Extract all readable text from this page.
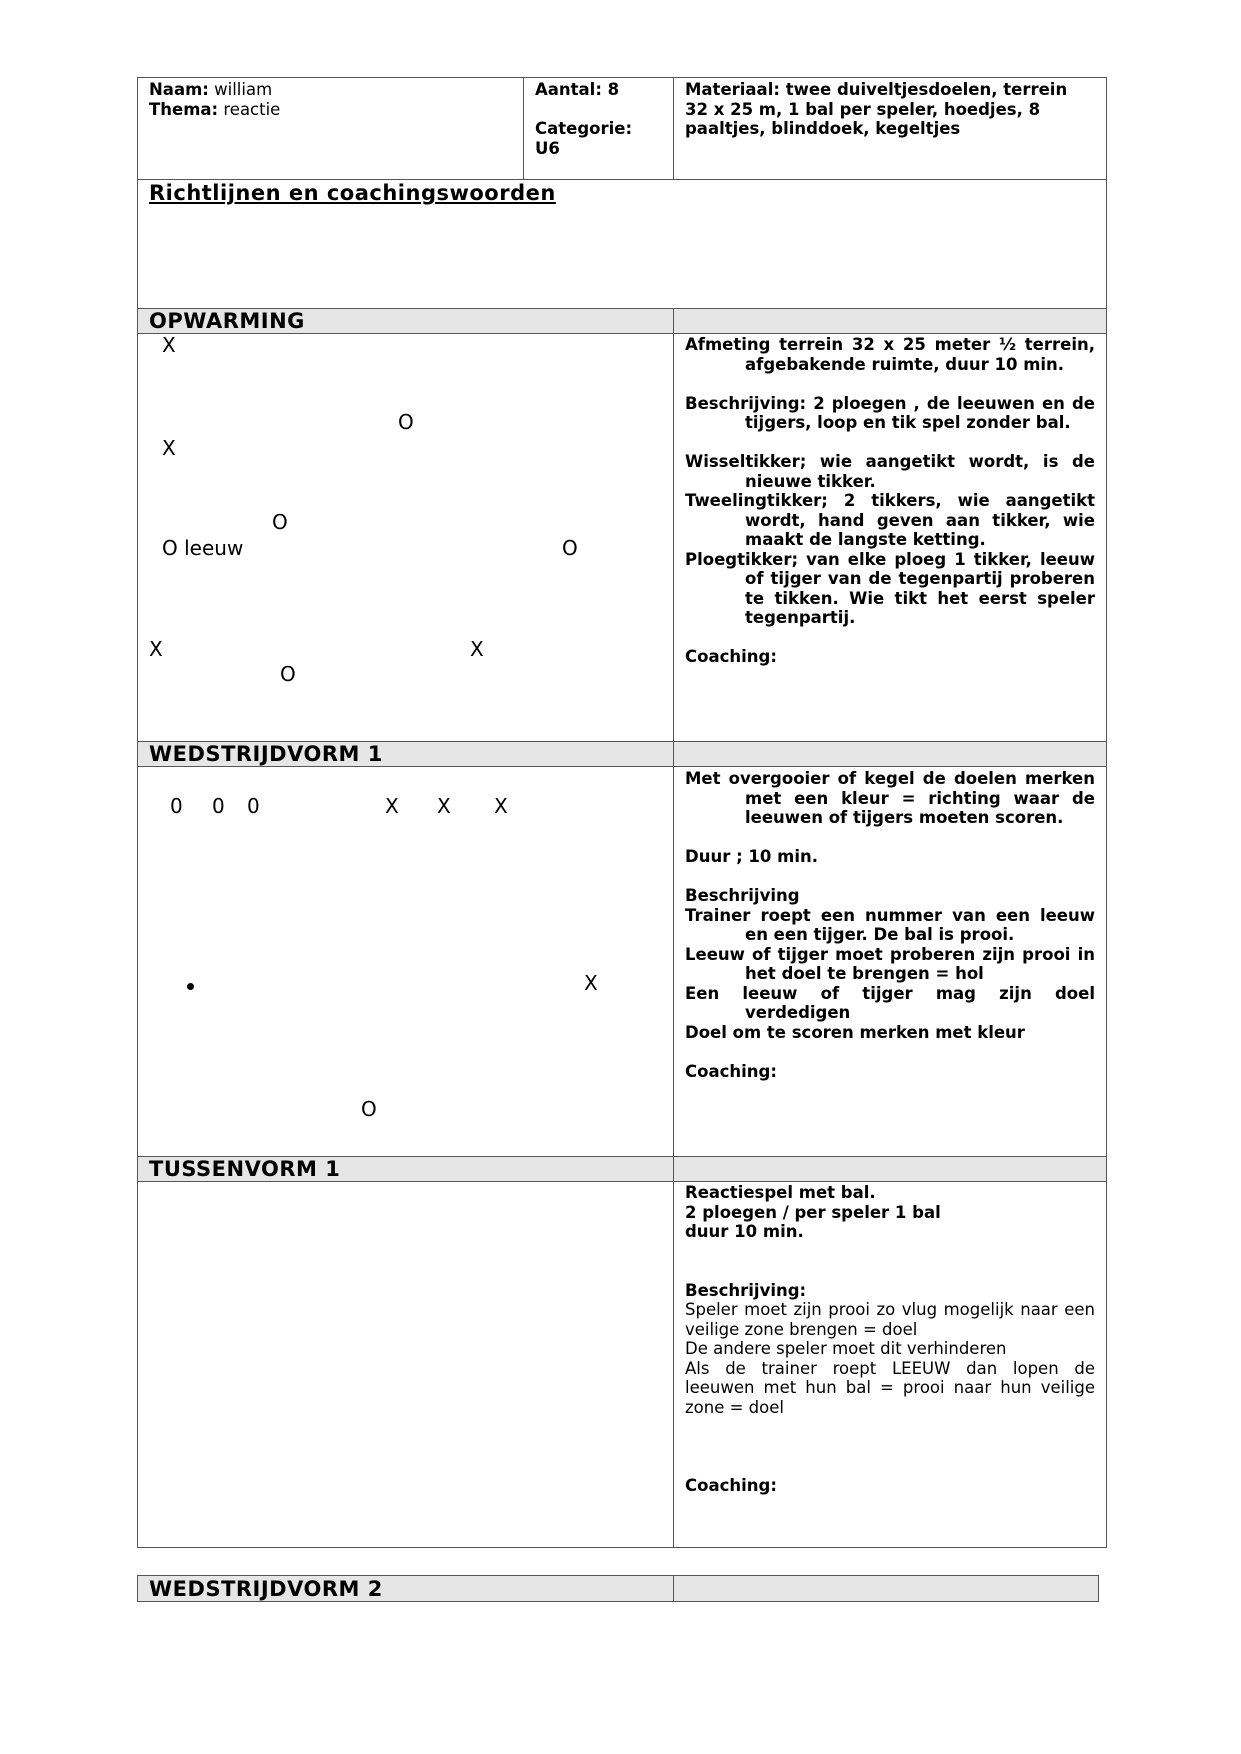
Naam: william
Thema: reactie
Aantal: 8
Categorie:
U6
Materiaal: twee duiveltjesdoelen, terrein 32 x 25 m, 1 bal per speler, hoedjes, 8 paaltjes, blinddoek, kegeltjes
Richtlijnen en coachingswoorden
OPWARMING
X
O
X
O
O leeuw	O
X	X
O
Afmeting terrein 32 x 25 meter ½ terrein, afgebakende ruimte, duur 10 min.
Beschrijving: 2 ploegen , de leeuwen en de tijgers, loop en tik spel zonder bal.
Wisseltikker; wie aangetikt wordt, is de nieuwe tikker.
Tweelingtikker; 2 tikkers, wie aangetikt wordt, hand geven aan tikker, wie maakt de langste ketting.
Ploegtikker; van elke ploeg 1 tikker, leeuw of tijger van de tegenpartij proberen te tikken. Wie tikt het eerst speler tegenpartij.
Coaching:
WEDSTRIJDVORM 1
0 0 0	X X X
X
O
Met overgooier of kegel de doelen merken met een kleur = richting waar de leeuwen of tijgers moeten scoren.
Duur ; 10 min.
Beschrijving
Trainer roept een nummer van een leeuw en een tijger. De bal is prooi.
Leeuw of tijger moet proberen zijn prooi in het doel te brengen = hol
Een leeuw of tijger mag zijn doel verdedigen
Doel om te scoren merken met kleur
Coaching:
TUSSENVORM 1
Reactiespel met bal.
2 ploegen / per speler 1 bal
duur 10 min.
Beschrijving:
Speler moet zijn prooi zo vlug mogelijk naar een veilige zone brengen = doel
De andere speler moet dit verhinderen
Als de trainer roept LEEUW dan lopen de leeuwen met hun bal = prooi naar hun veilige zone = doel
Coaching:
WEDSTRIJDVORM 2
